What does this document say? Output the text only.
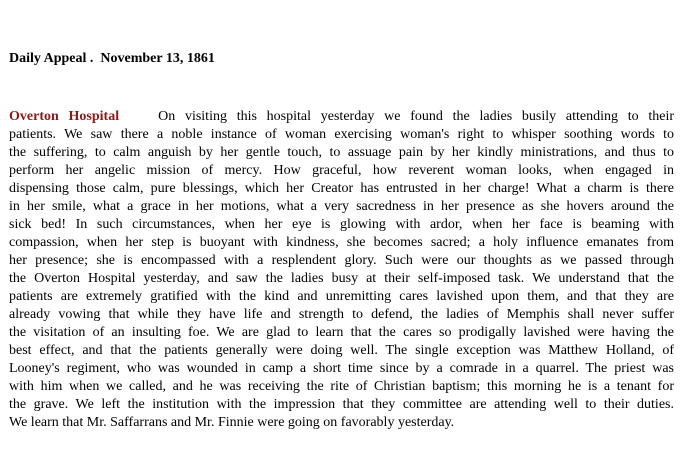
Daily Appeal .  November 13, 1861
Overton Hospital	On visiting this hospital yesterday we found the ladies busily attending to their
patients. We saw there a noble instance of woman exercising woman's right to whisper soothing words to
the suffering, to calm anguish by her gentle touch, to assuage pain by her kindly ministrations, and thus to
perform her angelic mission of mercy. How graceful, how reverent woman looks, when engaged in
dispensing those calm, pure blessings, which her Creator has entrusted in her charge! What a charm is there
in her smile, what a grace in her motions, what a very sacredness in her presence as she hovers around the
sick bed! In such circumstances, when her eye is glowing with ardor, when her face is beaming with
compassion, when her step is buoyant with kindness, she becomes sacred; a holy influence emanates from
her presence; she is encompassed with a resplendent glory. Such were our thoughts as we passed through
the Overton Hospital yesterday, and saw the ladies busy at their self-imposed task. We understand that the
patients are extremely gratified with the kind and unremitting cares lavished upon them, and that they are
already vowing that while they have life and strength to defend, the ladies of Memphis shall never suffer
the visitation of an insulting foe. We are glad to learn that the cares so prodigally lavished were having the
best effect, and that the patients generally were doing well. The single exception was Matthew Holland, of
Looney's regiment, who was wounded in camp a short time since by a comrade in a quarrel. The priest was
with him when we called, and he was receiving the rite of Christian baptism; this morning he is a tenant for
the grave. We left the institution with the impression that they committee are attending well to their duties.
We learn that Mr. Saffarrans and Mr. Finnie were going on favorably yesterday.
